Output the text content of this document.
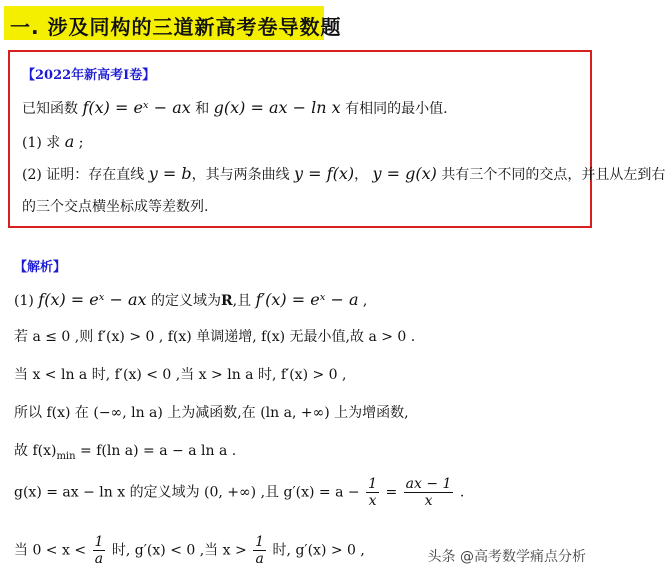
一. 涉及同构的三道新高考卷导数题
【2022年新高考Ⅰ卷】
已知函数 f(x) = eˣ − ax 和 g(x) = ax − ln x 有相同的最小值.
(1) 求 a ;
(2) 证明：存在直线 y = b，其与两条曲线 y = f(x)， y = g(x) 共有三个不同的交点，并且从左到右
的三个交点横坐标成等差数列.
【解析】
(1) f(x) = eˣ − ax 的定义域为R,且 f′(x) = eˣ − a ,
若 a ≤ 0 ,则 f′(x) > 0 , f(x) 单调递增, f(x) 无最小值,故 a > 0 .
当 x < ln a 时, f′(x) < 0 ,当 x > ln a 时, f′(x) > 0 ,
所以 f(x) 在 (−∞, ln a) 上为减函数,在 (ln a, +∞) 上为增函数,
故 $f(x)_{min} = f(\ln$ a) = a − a ln a .
g(x) = ax − ln x 的定义域为 (0, +∞) ,且 $g'(x) = a - \frac{1}{x} = \frac{ax - 1}{x}$ .
当 $0 < x < \frac{1}{a}$ 时, g′(x) < 0 ,当 $x > \frac{1}{a}$ 时, g′(x) > 0 ,	头条 @高考数学痛点分析
